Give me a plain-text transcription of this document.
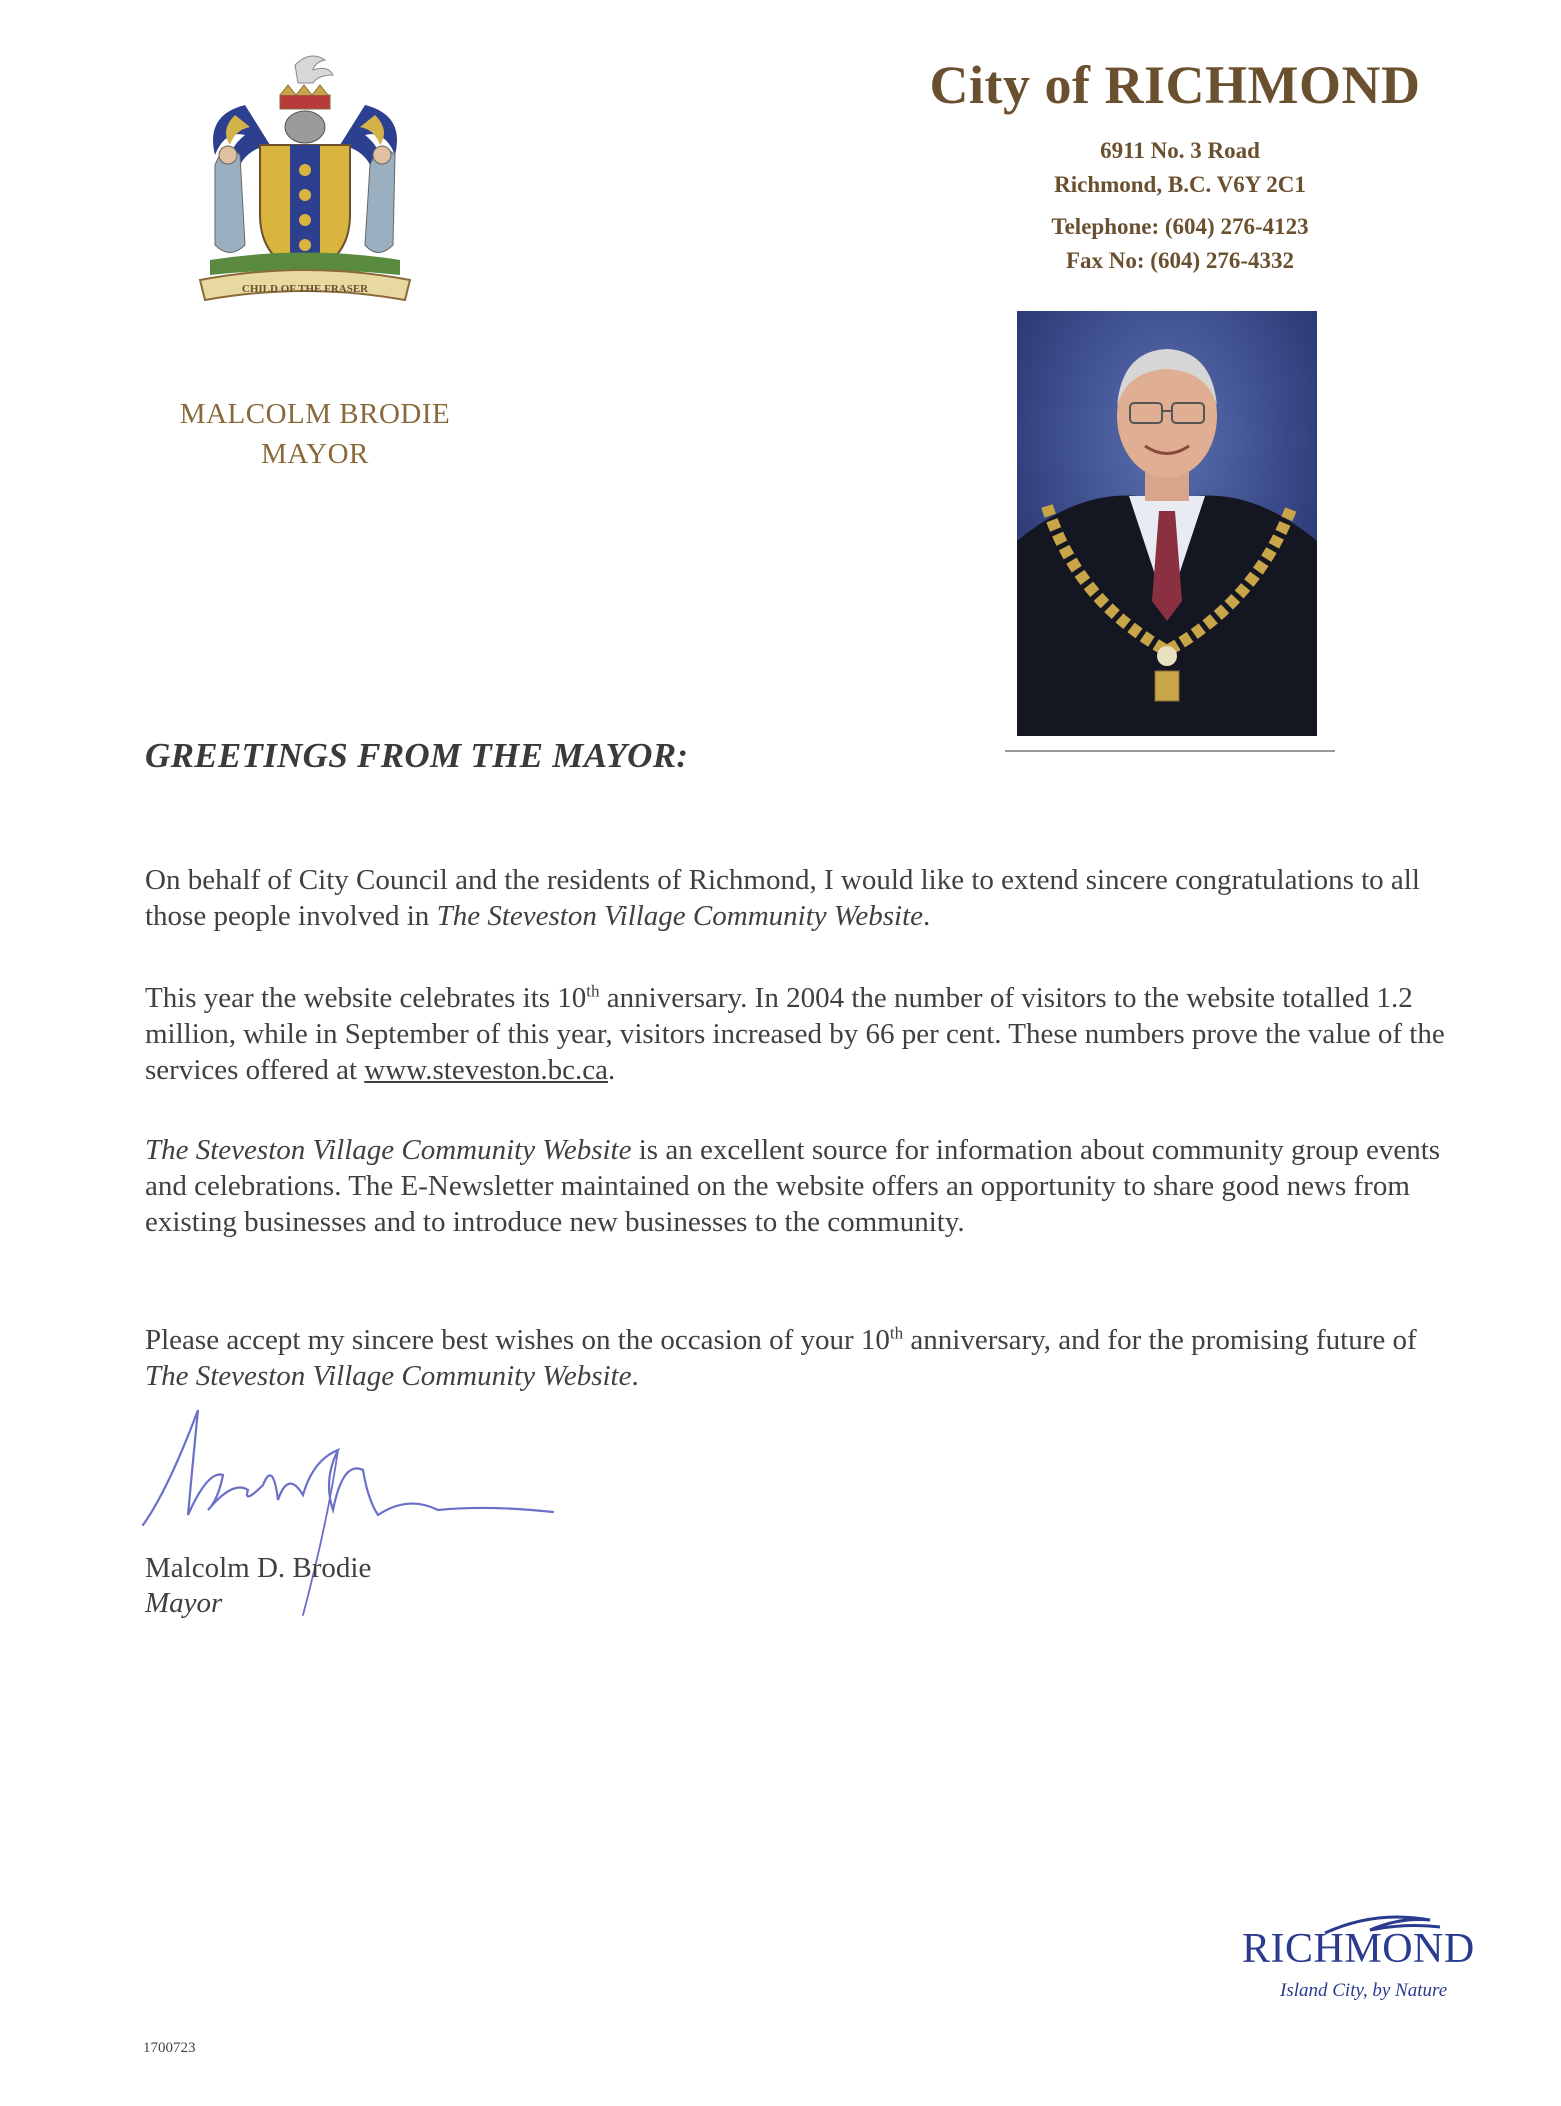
CHILD OF THE FRASER
MALCOLM BRODIE
MAYOR
City of RICHMOND
6911 No. 3 Road
Richmond, B.C. V6Y 2C1
Telephone: (604) 276-4123
Fax No: (604) 276-4332
GREETINGS FROM THE MAYOR:
On behalf of City Council and the residents of Richmond, I would like to extend sincere congratulations to all those people involved in The Steveston Village Community Website.
This year the website celebrates its 10th anniversary. In 2004 the number of visitors to the website totalled 1.2 million, while in September of this year, visitors increased by 66 per cent. These numbers prove the value of the services offered at www.steveston.bc.ca.
The Steveston Village Community Website is an excellent source for information about community group events and celebrations. The E-Newsletter maintained on the website offers an opportunity to share good news from existing businesses and to introduce new businesses to the community.
Please accept my sincere best wishes on the occasion of your 10th anniversary, and for the promising future of The Steveston Village Community Website.
Malcolm D. Brodie
Mayor
RICHMOND
Island City, by Nature
1700723
